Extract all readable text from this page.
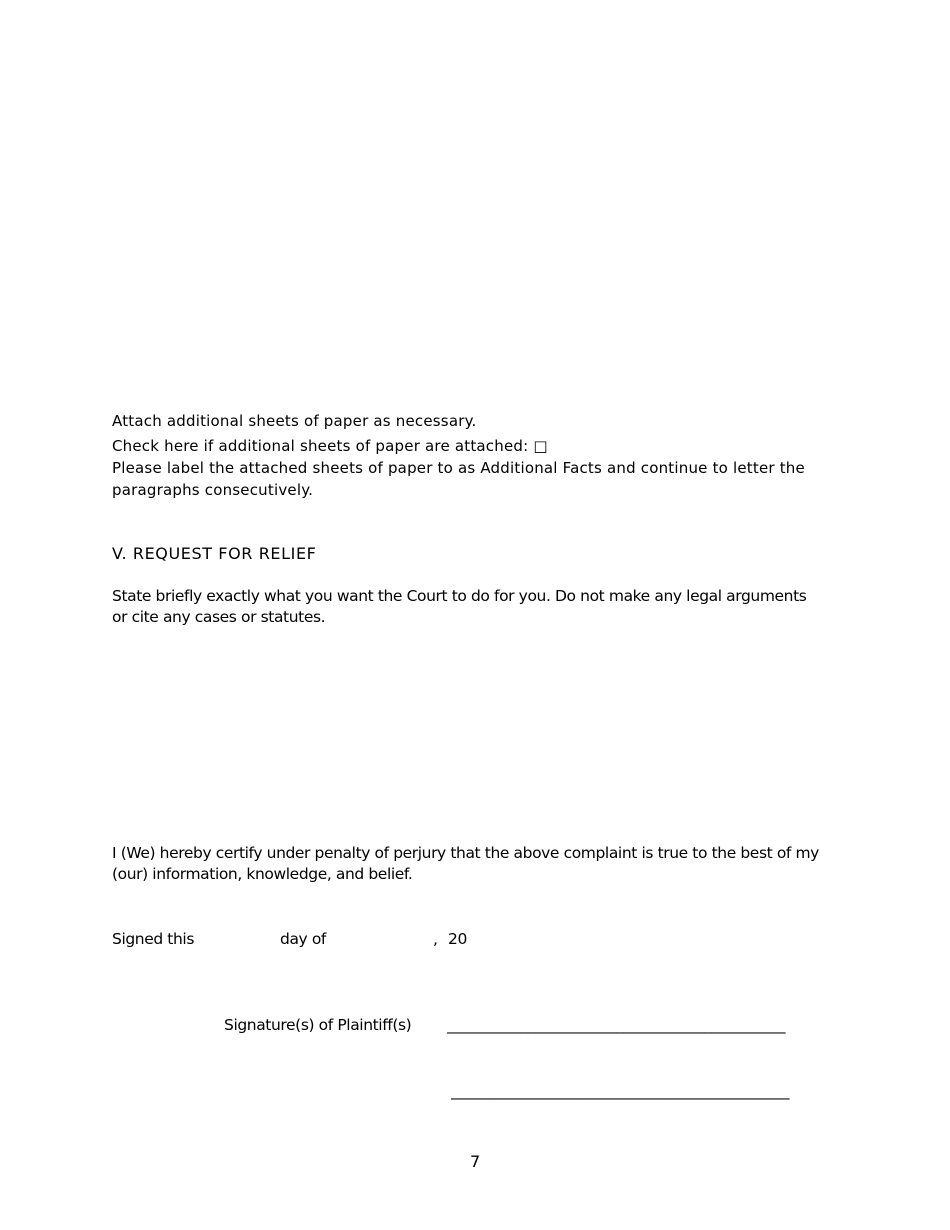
Attach additional sheets of paper as necessary.
Check here if additional sheets of paper are attached: □
Please label the attached sheets of paper to as Additional Facts and continue to letter the
paragraphs consecutively.
V. REQUEST FOR RELIEF
State briefly exactly what you want the Court to do for you. Do not make any legal arguments
or cite any cases or statutes.
I (We) hereby certify under penalty of perjury that the above complaint is true to the best of my
(our) information, knowledge, and belief.
Signed this	day of	, 20
Signature(s) of Plaintiff(s) ______________________________________________
______________________________________________
7
